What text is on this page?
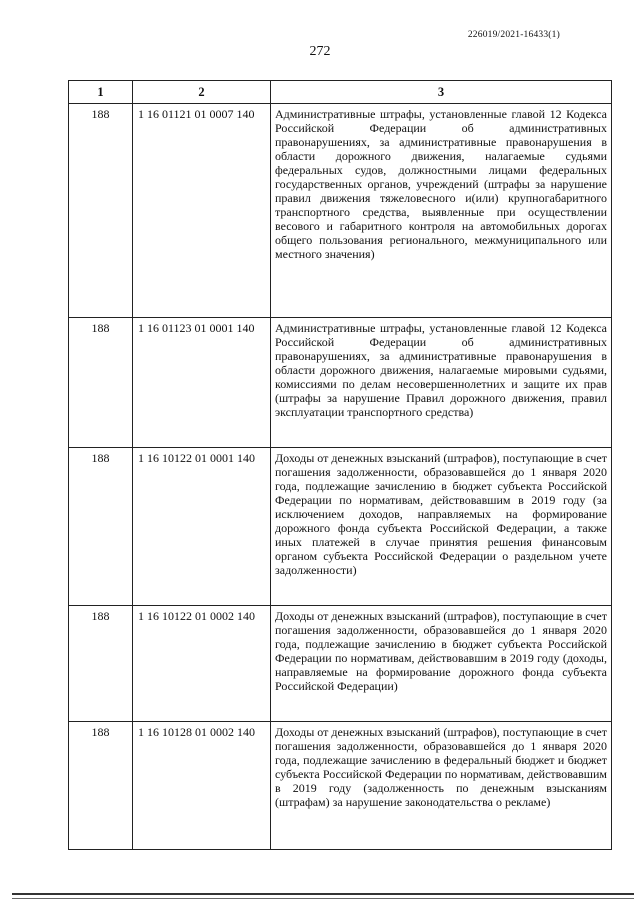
226019/2021-16433(1)
272
1	2	3
188	1 16 01121 01 0007 140	Административные штрафы, установленные главой 12 Кодекса Российской Федерации об административных правонарушениях, за административные правонарушения в области дорожного движения, налагаемые судьями федеральных судов, должностными лицами федеральных государственных органов, учреждений (штрафы за нарушение правил движения тяжеловесного и(или) крупногабаритного транспортного средства, выявленные при осуществлении весового и габаритного контроля на автомобильных дорогах общего пользования регионального, межмуниципального или местного значения)
188	1 16 01123 01 0001 140	Административные штрафы, установленные главой 12 Кодекса Российской Федерации об административных правонарушениях, за административные правонарушения в области дорожного движения, налагаемые мировыми судьями, комиссиями по делам несовершеннолетних и защите их прав (штрафы за нарушение Правил дорожного движения, правил эксплуатации транспортного средства)
188	1 16 10122 01 0001 140	Доходы от денежных взысканий (штрафов), поступающие в счет погашения задолженности, образовавшейся до 1 января 2020 года, подлежащие зачислению в бюджет субъекта Российской Федерации по нормативам, действовавшим в 2019 году (за исключением доходов, направляемых на формирование дорожного фонда субъекта Российской Федерации, а также иных платежей в случае принятия решения финансовым органом субъекта Российской Федерации о раздельном учете задолженности)
188	1 16 10122 01 0002 140	Доходы от денежных взысканий (штрафов), поступающие в счет погашения задолженности, образовавшейся до 1 января 2020 года, подлежащие зачислению в бюджет субъекта Российской Федерации по нормативам, действовавшим в 2019 году (доходы, направляемые на формирование дорожного фонда субъекта Российской Федерации)
188	1 16 10128 01 0002 140	Доходы от денежных взысканий (штрафов), поступающие в счет погашения задолженности, образовавшейся до 1 января 2020 года, подлежащие зачислению в федеральный бюджет и бюджет субъекта Российской Федерации по нормативам, действовавшим в 2019 году (задолженность по денежным взысканиям (штрафам) за нарушение законодательства о рекламе)
